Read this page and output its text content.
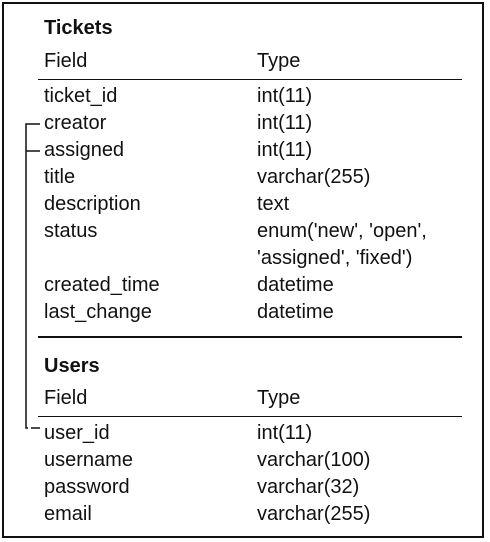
Tickets
Field	Type
ticket_id	int(11)
creator	int(11)
assigned	int(11)
title	varchar(255)
description	text
status	enum('new', 'open',
'assigned', 'fixed')
created_time	datetime
last_change	datetime
Users
Field	Type
user_id	int(11)
username	varchar(100)
password	varchar(32)
email	varchar(255)
